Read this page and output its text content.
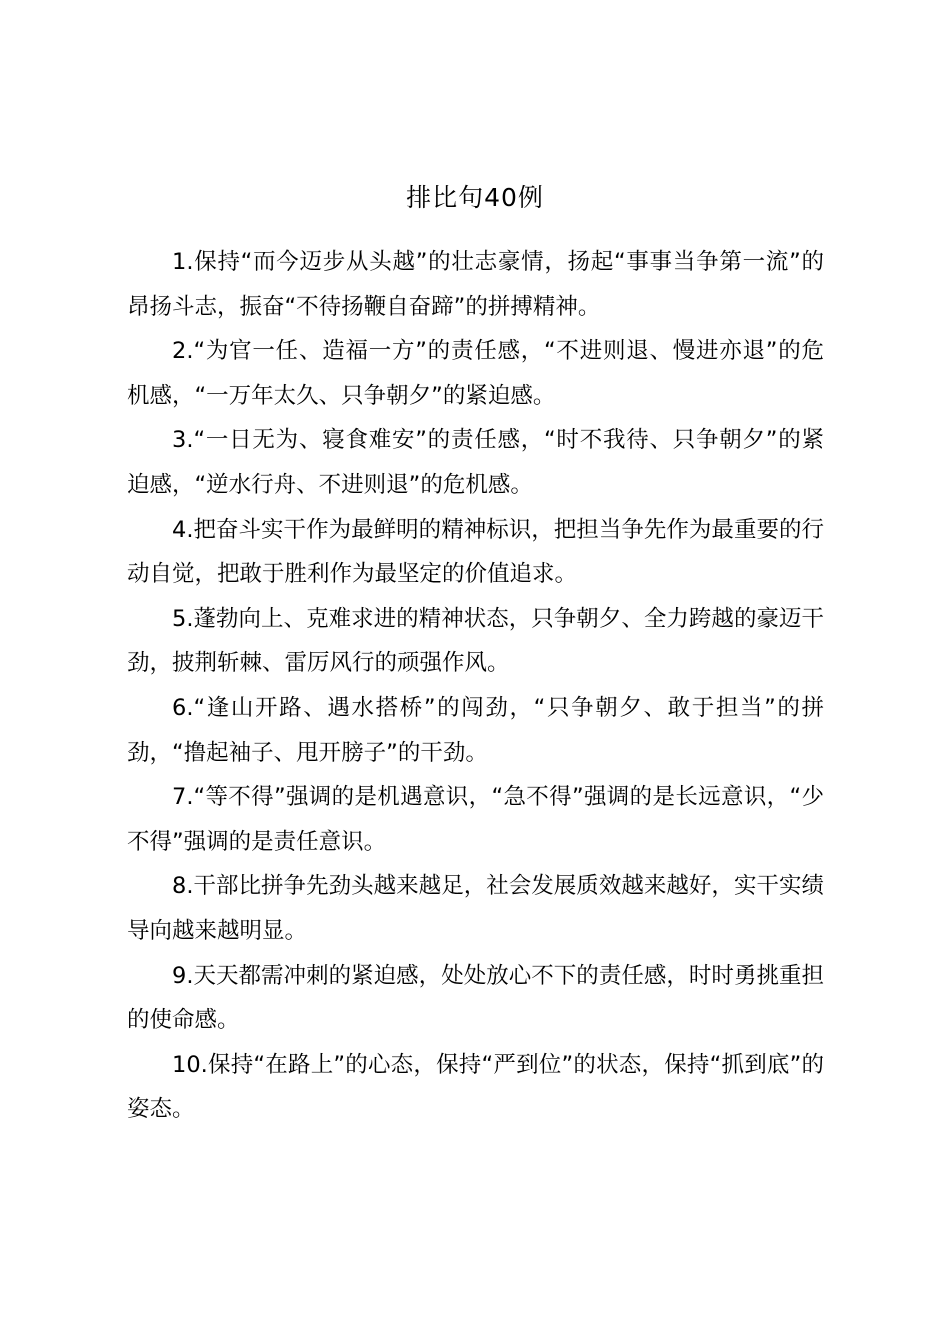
排比句40例

1.保持“而今迈步从头越”的壮志豪情，扬起“事事当争第一流”的昂扬斗志，振奋“不待扬鞭自奋蹄”的拼搏精神。

2.“为官一任、造福一方”的责任感，“不进则退、慢进亦退”的危机感，“一万年太久、只争朝夕”的紧迫感。

3.“一日无为、寝食难安”的责任感，“时不我待、只争朝夕”的紧迫感，“逆水行舟、不进则退”的危机感。

4.把奋斗实干作为最鲜明的精神标识，把担当争先作为最重要的行动自觉，把敢于胜利作为最坚定的价值追求。

5.蓬勃向上、克难求进的精神状态，只争朝夕、全力跨越的豪迈干劲，披荆斩棘、雷厉风行的顽强作风。

6.“逢山开路、遇水搭桥”的闯劲，“只争朝夕、敢于担当”的拼劲，“撸起袖子、甩开膀子”的干劲。

7.“等不得”强调的是机遇意识，“急不得”强调的是长远意识，“少不得”强调的是责任意识。

8.干部比拼争先劲头越来越足，社会发展质效越来越好，实干实绩导向越来越明显。

9.天天都需冲刺的紧迫感，处处放心不下的责任感，时时勇挑重担的使命感。

10.保持“在路上”的心态，保持“严到位”的状态，保持“抓到底”的姿态。
